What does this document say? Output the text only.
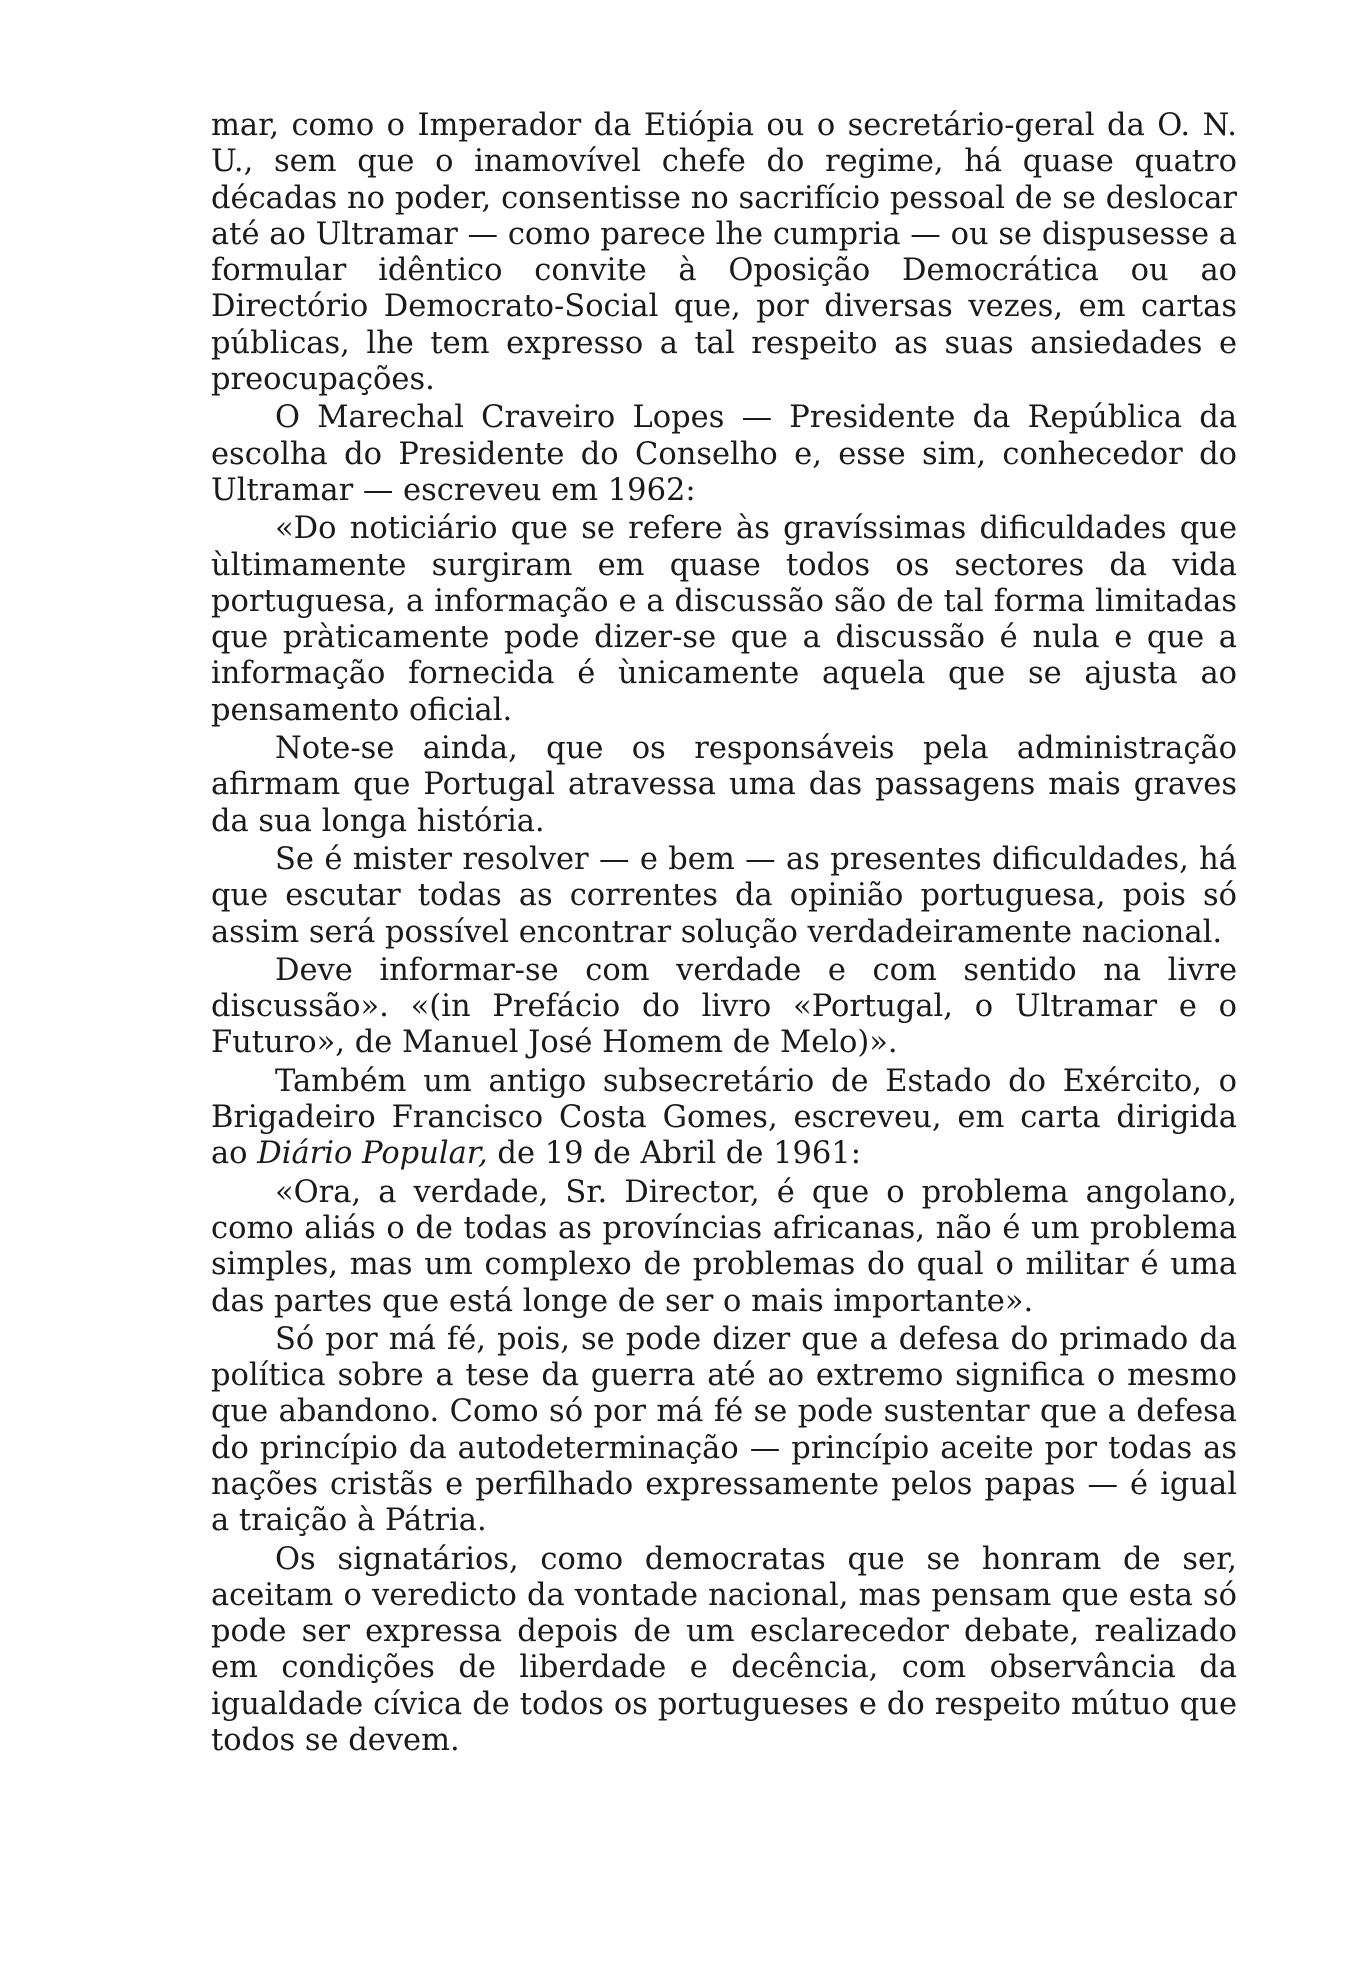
mar, como o Imperador da Etiópia ou o secretário-geral da O. N. U., sem que o inamovível chefe do regime, há quase quatro décadas no poder, consentisse no sacrifício pessoal de se deslocar até ao Ultramar — como parece lhe cumpria — ou se dispusesse a formular idêntico convite à Oposição Democrática ou ao Directório Democrato-Social que, por diversas vezes, em cartas públicas, lhe tem expresso a tal respeito as suas ansiedades e preocupações.

O Marechal Craveiro Lopes — Presidente da República da escolha do Presidente do Conselho e, esse sim, conhecedor do Ultramar — escreveu em 1962:

«Do noticiário que se refere às gravíssimas dificuldades que ùltimamente surgiram em quase todos os sectores da vida portuguesa, a informação e a discussão são de tal forma limitadas que pràticamente pode dizer-se que a discussão é nula e que a informação fornecida é ùnicamente aquela que se ajusta ao pensamento oficial.

Note-se ainda, que os responsáveis pela administração afirmam que Portugal atravessa uma das passagens mais graves da sua longa história.

Se é mister resolver — e bem — as presentes dificuldades, há que escutar todas as correntes da opinião portuguesa, pois só assim será possível encontrar solução verdadeiramente nacional.

Deve informar-se com verdade e com sentido na livre discussão». «(in Prefácio do livro «Portugal, o Ultramar e o Futuro», de Manuel José Homem de Melo)».

Também um antigo subsecretário de Estado do Exército, o Brigadeiro Francisco Costa Gomes, escreveu, em carta dirigida ao Diário Popular, de 19 de Abril de 1961:

«Ora, a verdade, Sr. Director, é que o problema angolano, como aliás o de todas as províncias africanas, não é um problema simples, mas um complexo de problemas do qual o militar é uma das partes que está longe de ser o mais importante».

Só por má fé, pois, se pode dizer que a defesa do primado da política sobre a tese da guerra até ao extremo significa o mesmo que abandono. Como só por má fé se pode sustentar que a defesa do princípio da autodeterminação — princípio aceite por todas as nações cristãs e perfilhado expressamente pelos papas — é igual a traição à Pátria.

Os signatários, como democratas que se honram de ser, aceitam o veredicto da vontade nacional, mas pensam que esta só pode ser expressa depois de um esclarecedor debate, realizado em condições de liberdade e decência, com observância da igualdade cívica de todos os portugueses e do respeito mútuo que todos se devem.
